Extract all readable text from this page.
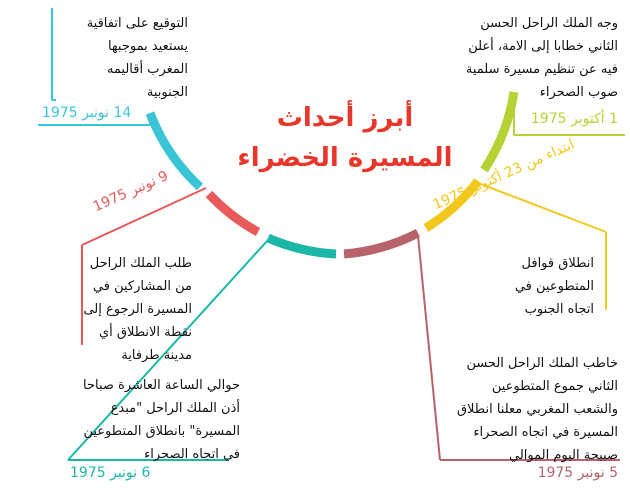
أبرز أحداث
المسيرة الخضراء
وجه الملك الراحل الحسن
الثاني خطابا إلى الامة، أعلن
فيه عن تنظيم مسيرة سلمية
صوب الصحراء
1 أكتوبر 1975
التوقيع على اتفاقية
يستعيد بموجبها
المغرب أقاليمه
الجنوبية
14 نونبر 1975
ابتداء من 23 أكتوبر 1975
انطلاق قوافل
المتطوعين في
اتجاه الجنوب
9 نونبر 1975
طلب الملك الراحل
من المشاركين في
المسيرة الرجوع إلى
نقطة الانطلاق أي
مدينة طرفاية
خاطب الملك الراحل الحسن
الثاني جموع المتطوعين
والشعب المغربي معلنا انطلاق
المسيرة في اتجاه الصحراء
صبيحة اليوم الموالي
5 نونبر 1975
حوالي الساعة العاشرة صباحا
أذن الملك الراحل "مبدع
المسيرة" بانطلاق المتطوعين
في اتجاه الصحراء
6 نونبر 1975
